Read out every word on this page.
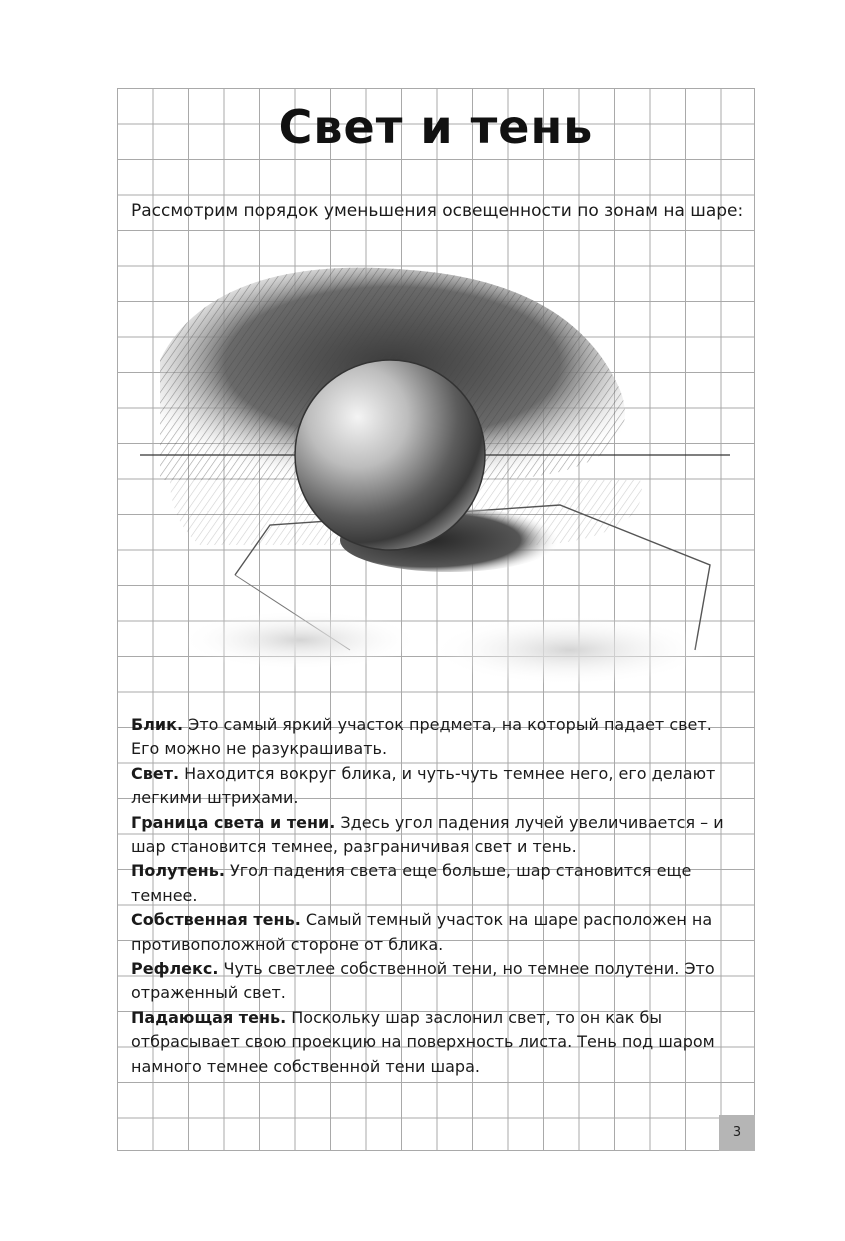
Свет и тень

Рассмотрим порядок уменьшения освещенности по зонам на шаре:

Блик. Это самый яркий участок предмета, на который падает свет. Его можно не разукрашивать.

Свет. Находится вокруг блика, и чуть-чуть темнее него, его делают легкими штрихами.

Граница света и тени. Здесь угол падения лучей увеличивается – и шар становится темнее, разграничивая свет и тень.

Полутень. Угол падения света еще больше, шар становится еще темнее.

Собственная тень. Самый темный участок на шаре расположен на противоположной стороне от блика.

Рефлекс. Чуть светлее собственной тени, но темнее полутени. Это отраженный свет.

Падающая тень. Поскольку шар заслонил свет, то он как бы отбрасывает свою проекцию на поверхность листа. Тень под шаром намного темнее собственной тени шара.

3
